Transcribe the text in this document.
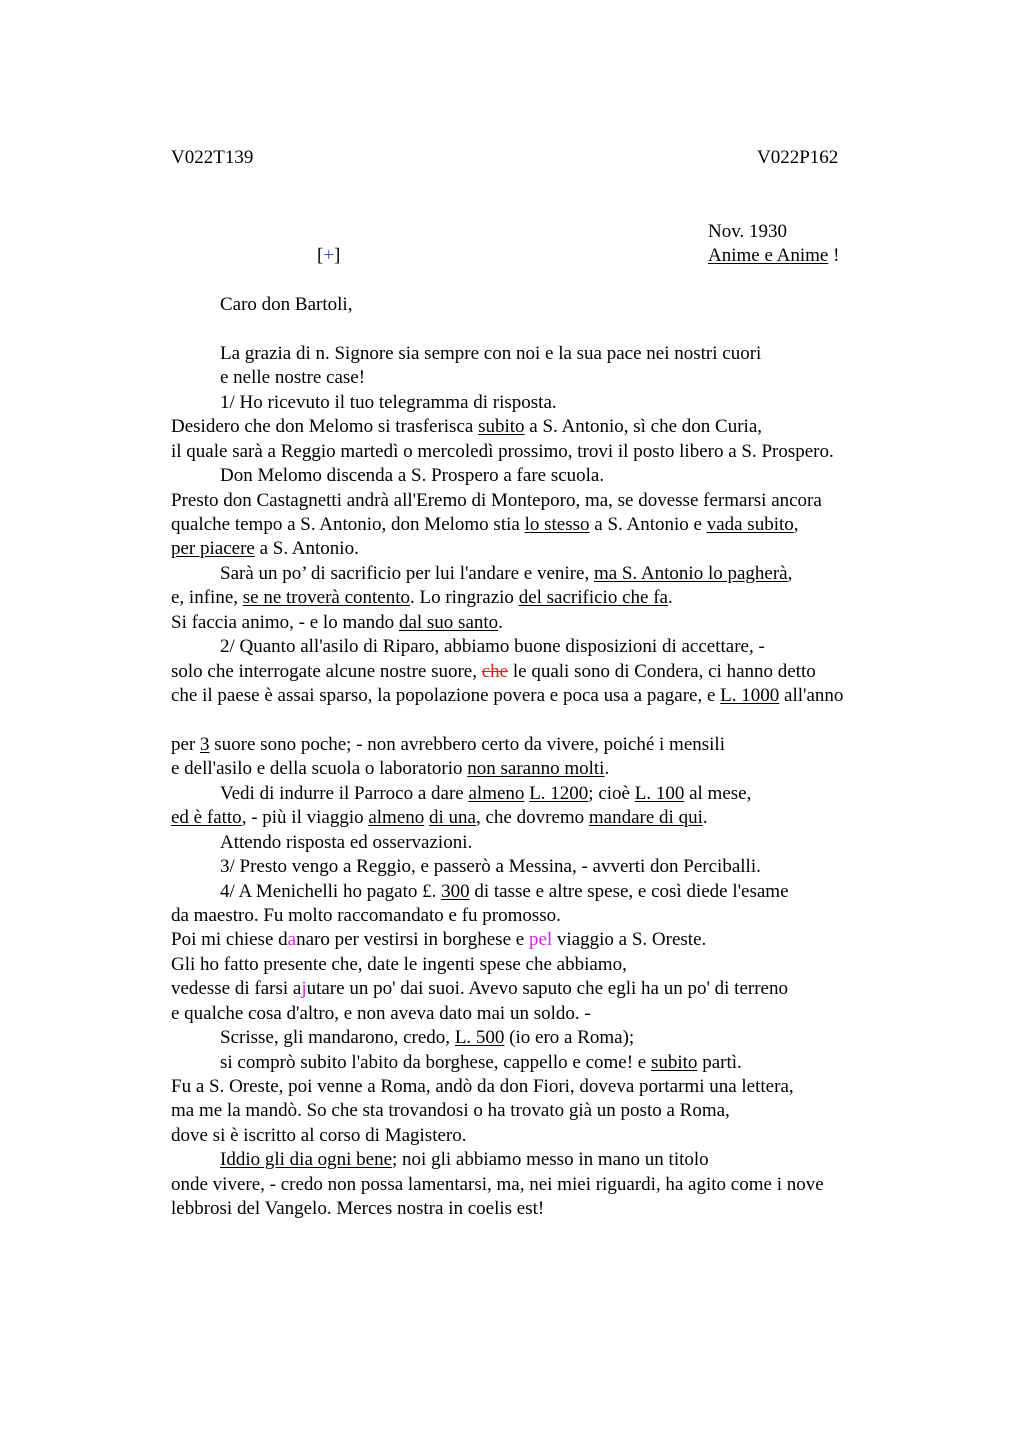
V022T139	V022P162
Nov. 1930
[+]	Anime e Anime !
Caro don Bartoli,
La grazia di n. Signore sia sempre con noi e la sua pace nei nostri cuori
e nelle nostre case!
1/ Ho ricevuto il tuo telegramma di risposta.
Desidero che don Melomo si trasferisca subito a S. Antonio, sì che don Curia,
il quale sarà a Reggio martedì o mercoledì prossimo, trovi il posto libero a S. Prospero.
Don Melomo discenda a S. Prospero a fare scuola.
Presto don Castagnetti andrà all'Eremo di Monteporo, ma, se dovesse fermarsi ancora
qualche tempo a S. Antonio, don Melomo stia lo stesso a S. Antonio e vada subito,
per piacere a S. Antonio.
Sarà un po’ di sacrificio per lui l'andare e venire, ma S. Antonio lo pagherà,
e, infine, se ne troverà contento. Lo ringrazio del sacrificio che fa.
Si faccia animo, - e lo mando dal suo santo.
2/ Quanto all'asilo di Riparo, abbiamo buone disposizioni di accettare, -
solo che interrogate alcune nostre suore, che le quali sono di Condera, ci hanno detto
che il paese è assai sparso, la popolazione povera e poca usa a pagare, e L. 1000 all'anno
per 3 suore sono poche; - non avrebbero certo da vivere, poiché i mensili
e dell'asilo e della scuola o laboratorio non saranno molti.
Vedi di indurre il Parroco a dare almeno L. 1200; cioè L. 100 al mese,
ed è fatto, - più il viaggio almeno di una, che dovremo mandare di qui.
Attendo risposta ed osservazioni.
3/ Presto vengo a Reggio, e passerò a Messina, - avverti don Perciballi.
4/ A Menichelli ho pagato £. 300 di tasse e altre spese, e così diede l'esame
da maestro. Fu molto raccomandato e fu promosso.
Poi mi chiese danaro per vestirsi in borghese e pel viaggio a S. Oreste.
Gli ho fatto presente che, date le ingenti spese che abbiamo,
vedesse di farsi ajutare un po' dai suoi. Avevo saputo che egli ha un po' di terreno
e qualche cosa d'altro, e non aveva dato mai un soldo. -
Scrisse, gli mandarono, credo, L. 500 (io ero a Roma);
si comprò subito l'abito da borghese, cappello e come! e subito partì.
Fu a S. Oreste, poi venne a Roma, andò da don Fiori, doveva portarmi una lettera,
ma me la mandò. So che sta trovandosi o ha trovato già un posto a Roma,
dove si è iscritto al corso di Magistero.
Iddio gli dia ogni bene; noi gli abbiamo messo in mano un titolo
onde vivere, - credo non possa lamentarsi, ma, nei miei riguardi, ha agito come i nove
lebbrosi del Vangelo. Merces nostra in coelis est!
